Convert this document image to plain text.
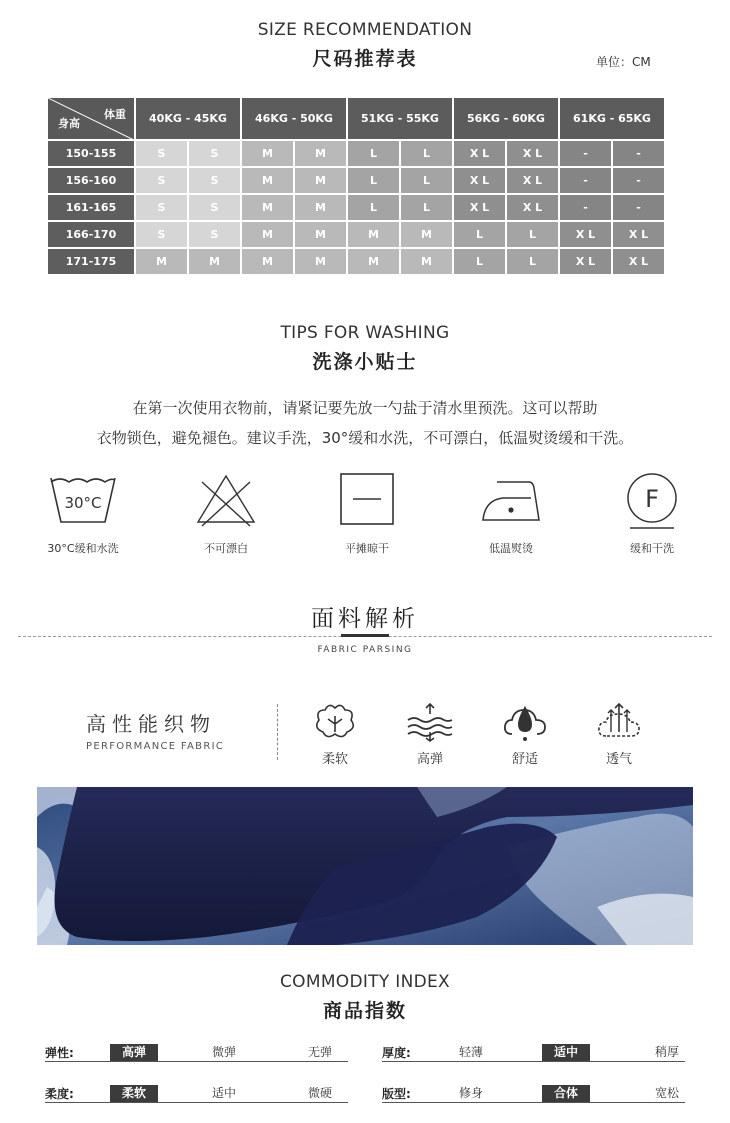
SIZE RECOMMENDATION
尺码推荐表	单位：CM
体重
身高	40KG - 45KG		46KG - 50KG		51KG - 55KG		56KG - 60KG		61KG - 65KG	
150-155	S	S	M	M	L	L	X L	X L	-	-
156-160	S	S	M	M	L	L	X L	X L	-	-
161-165	S	S	M	M	L	L	X L	X L	-	-
166-170	S	S	M	M	M	M	L	L	X L	X L
171-175	M	M	M	M	M	M	L	L	X L	X L
TIPS FOR WASHING
洗涤小贴士
在第一次使用衣物前，请紧记要先放一勺盐于清水里预洗。这可以帮助
衣物锁色，避免褪色。建议手洗，30°缓和水洗，不可漂白，低温熨烫缓和干洗。
30°C
30°C缓和水洗	不可漂白	平摊晾干	低温熨烫
F
缓和干洗
面料解析
FABRIC PARSING
高性能织物
PERFORMANCE FABRIC
柔软	高弹	舒适	透气
COMMODITY INDEX
商品指数
弹性:	高弹	微弹	无弹	厚度:	轻薄	适中	稍厚
柔度:	柔软	适中	微硬	版型:	修身	合体	宽松
